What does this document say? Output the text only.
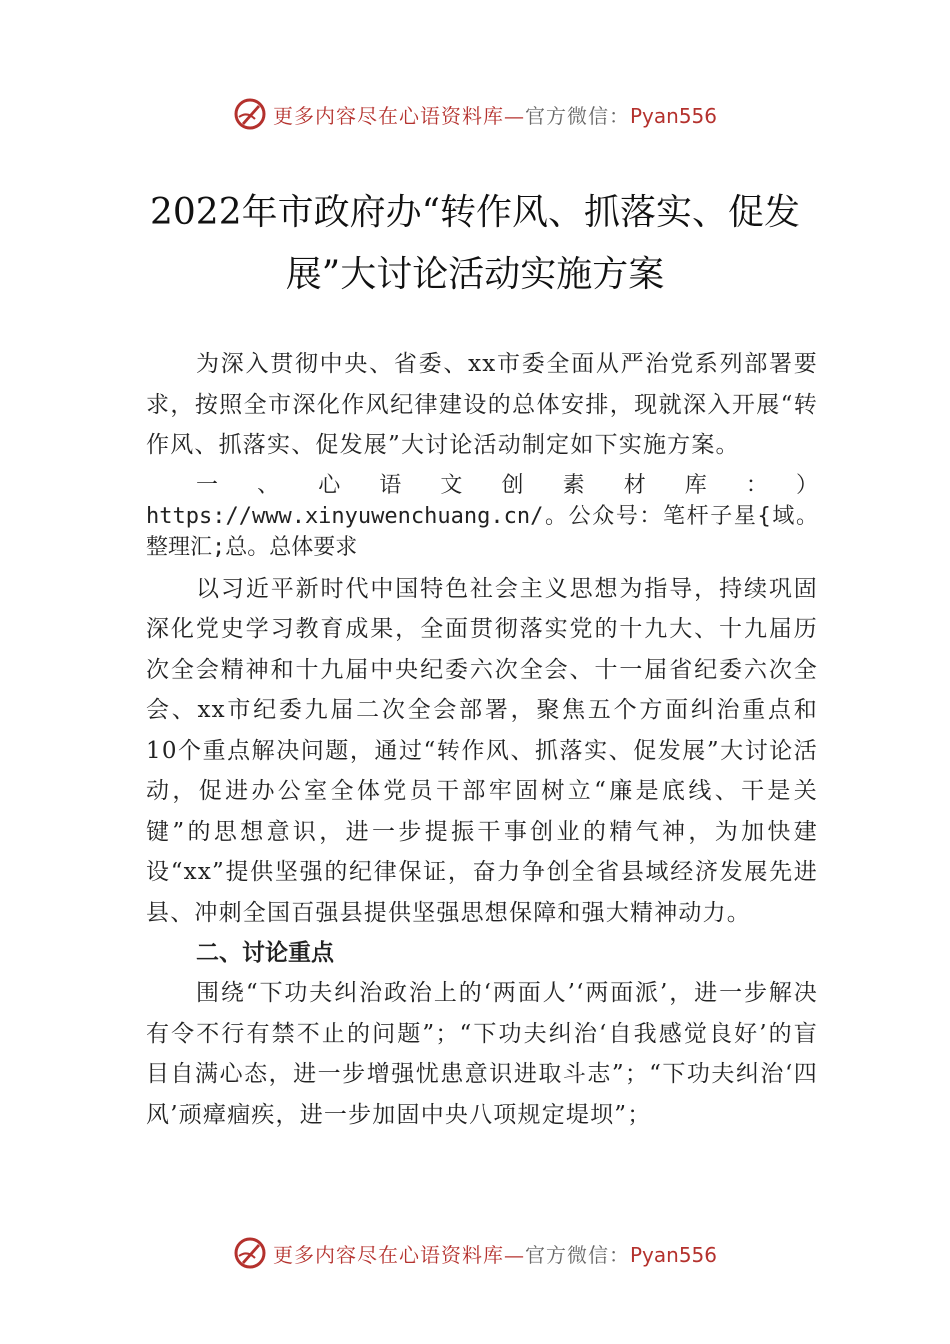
更多内容尽在心语资料库—官方微信：Pyan556
2022年市政府办“转作风、抓落实、促发
展”大讨论活动实施方案

为深入贯彻中央、省委、xx市委全面从严治党系列部署要求，按照全市深化作风纪律建设的总体安排，现就深入开展“转作风、抓落实、促发展”大讨论活动制定如下实施方案。

一、心语文创素材库：）https://www.xinyuwenchuang.cn/。公众号：笔杆子星{域。整理汇;总。总体要求

以习近平新时代中国特色社会主义思想为指导，持续巩固深化党史学习教育成果，全面贯彻落实党的十九大、十九届历次全会精神和十九届中央纪委六次全会、十一届省纪委六次全会、xx市纪委九届二次全会部署，聚焦五个方面纠治重点和 10个重点解决问题，通过“转作风、抓落实、促发展”大讨论活动，促进办公室全体党员干部牢固树立“廉是底线、干是关键”的思想意识，进一步提振干事创业的精气神，为加快建设“xx”提供坚强的纪律保证，奋力争创全省县域经济发展先进县、冲刺全国百强县提供坚强思想保障和强大精神动力。

二、讨论重点

围绕“下功夫纠治政治上的‘两面人’‘两面派’，进一步解决有令不行有禁不止的问题”；“下功夫纠治‘自我感觉良好’的盲目自满心态，进一步增强忧患意识进取斗志”；“下功夫纠治‘四风’顽瘴痼疾，进一步加固中央八项规定堤坝”；

更多内容尽在心语资料库—官方微信：Pyan556
